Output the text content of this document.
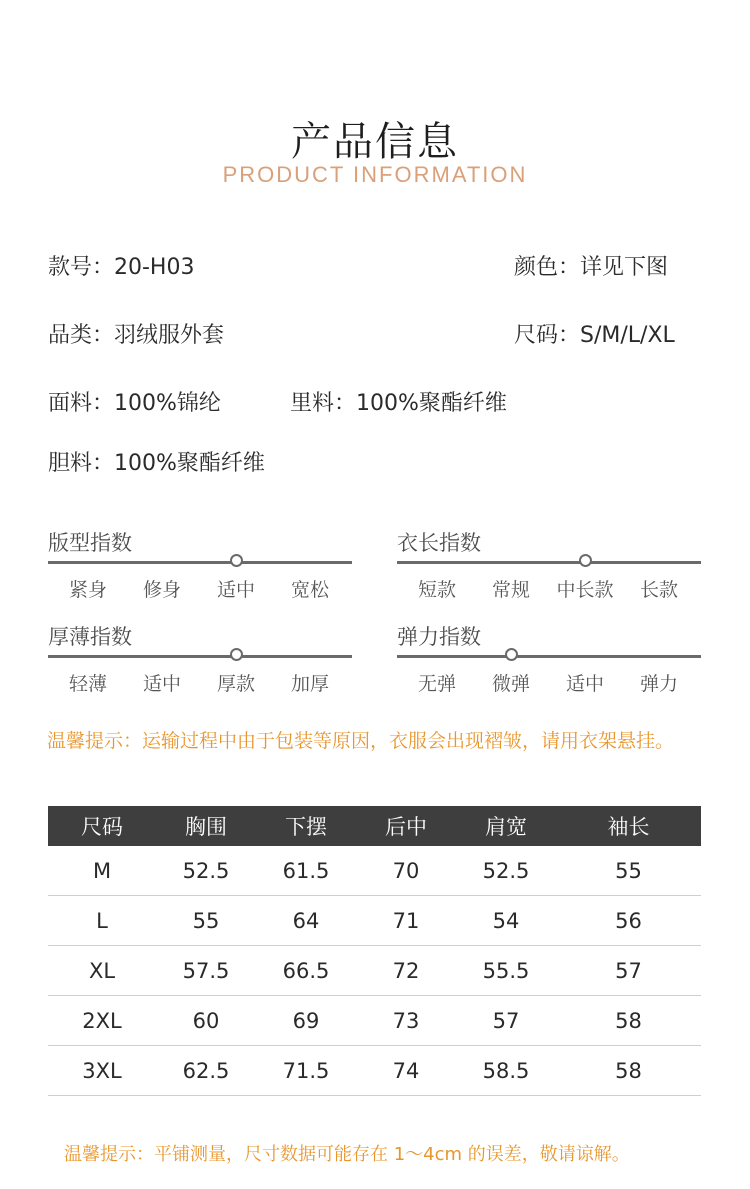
产品信息
PRODUCT INFORMATION
款号：20-H03	颜色：详见下图
品类：羽绒服外套	尺码：S/M/L/XL
面料：100%锦纶	里料：100%聚酯纤维
胆料：100%聚酯纤维
版型指数
紧身	修身	适中	宽松
衣长指数
短款	常规	中长款	长款
厚薄指数
轻薄	适中	厚款	加厚
弹力指数
无弹	微弹	适中	弹力
温馨提示：运输过程中由于包装等原因，衣服会出现褶皱，请用衣架悬挂。
尺码	胸围	下摆	后中	肩宽	袖长
M	52.5	61.5	70	52.5	55
L	55	64	71	54	56
XL	57.5	66.5	72	55.5	57
2XL	60	69	73	57	58
3XL	62.5	71.5	74	58.5	58
温馨提示：平铺测量，尺寸数据可能存在 1～4cm 的误差，敬请谅解。
